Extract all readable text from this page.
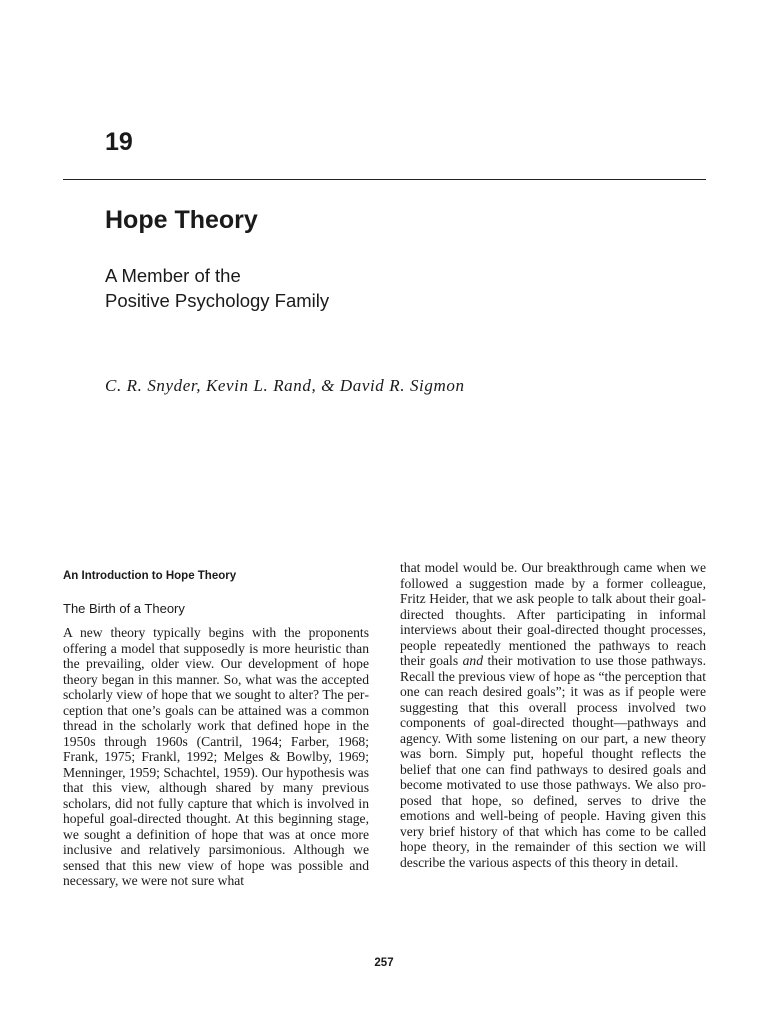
19
Hope Theory
A Member of the
Positive Psychology Family
C. R. Snyder, Kevin L. Rand, & David R. Sigmon
An Introduction to Hope Theory
The Birth of a Theory

A new theory typically begins with the proponents offering a model that supposedly is more heuristic than the prevailing, older view. Our development of hope theory began in this manner. So, what was the accepted scholarly view of hope that we sought to alter? The perception that one’s goals can be attained was a common thread in the scholarly work that defined hope in the 1950s through 1960s (Cantril, 1964; Farber, 1968; Frank, 1975; Frankl, 1992; Melges & Bowlby, 1969; Menninger, 1959; Schachtel, 1959). Our hypothesis was that this view, although shared by many previous scholars, did not fully capture that which is involved in hopeful goal-directed thought. At this beginning stage, we sought a definition of hope that was at once more inclusive and relatively parsimonious. Although we sensed that this new view of hope was possible and necessary, we were not sure what

that model would be. Our breakthrough came when we followed a suggestion made by a former colleague, Fritz Heider, that we ask people to talk about their goal-directed thoughts. After participating in informal interviews about their goal-directed thought processes, people repeatedly mentioned the pathways to reach their goals and their motivation to use those pathways. Recall the previous view of hope as “the perception that one can reach desired goals”; it was as if people were suggesting that this overall process involved two components of goal-directed thought—pathways and agency. With some listening on our part, a new theory was born. Simply put, hopeful thought reflects the belief that one can find pathways to desired goals and become motivated to use those pathways. We also proposed that hope, so defined, serves to drive the emotions and well-being of people. Having given this very brief history of that which has come to be called hope theory, in the remainder of this section we will describe the various aspects of this theory in detail.

257
